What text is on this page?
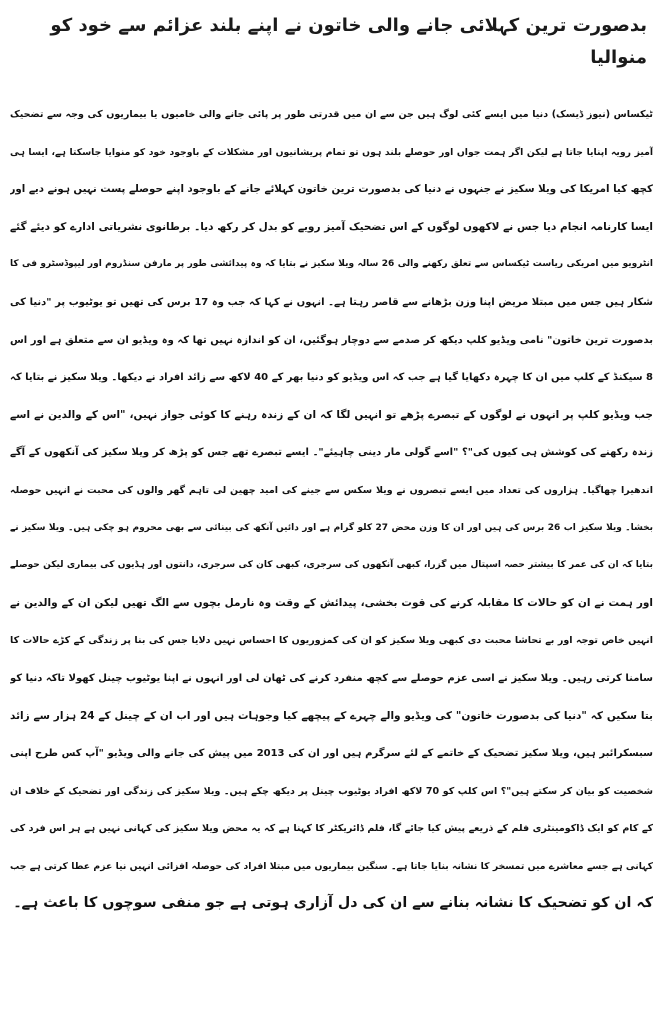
بدصورت ترین کہلائی جانے والی خاتون نے اپنے بلند عزائم سے خود کو منوالیا
ٹیکساس (نیوز ڈیسک) دنیا میں ایسے کئی لوگ ہیں جن سے ان میں قدرتی طور پر پائی جانے والی خامیوں یا بیماریوں کی وجہ سے تضحیک
آمیز رویہ اپنایا جاتا ہے لیکن اگر ہمت جواں اور حوصلے بلند ہوں تو تمام پریشانیوں اور مشکلات کے باوجود خود کو منوایا جاسکتا ہے، ایسا ہی
کچھ کیا امریکا کی ویلا سکیز نے جنہوں نے دنیا کی بدصورت ترین خاتون کہلائے جانے کے باوجود اپنے حوصلے پست نہیں ہونے دیے اور
ایسا کارنامہ انجام دیا جس نے لاکھوں لوگوں کے اس تضحیک آمیز رویے کو بدل کر رکھ دیا۔ برطانوی نشریاتی ادارے کو دیئے گئے
انٹرویو میں امریکی ریاست ٹیکساس سے تعلق رکھنے والی 26 سالہ ویلا سکیز نے بتایا کہ وہ پیدائشی طور پر مارفن سنڈروم اور لیپوڈسٹرو فی کا
شکار ہیں جس میں مبتلا مریض اپنا وزن بڑھانے سے قاصر رہتا ہے۔ انہوں نے کہا کہ جب وہ 17 برس کی تھیں تو یوٹیوب پر "دنیا کی
بدصورت ترین خاتون" نامی ویڈیو کلپ دیکھ کر صدمے سے دوچار ہوگئیں، ان کو اندازہ نہیں تھا کہ وہ ویڈیو ان سے متعلق ہے اور اس
8 سیکنڈ کے کلپ میں ان کا چہرہ دکھایا گیا ہے جب کہ اس ویڈیو کو دنیا بھر کے 40 لاکھ سے زائد افراد نے دیکھا۔ ویلا سکیز نے بتایا کہ
جب ویڈیو کلپ پر انہوں نے لوگوں کے تبصرے پڑھے تو انہیں لگا کہ ان کے زندہ رہنے کا کوئی جواز نہیں، "اس کے والدین نے اسے
زندہ رکھنے کی کوشش ہی کیوں کی"؟ "اسے گولی مار دینی چاہیئے"۔ ایسے تبصرے تھے جس کو پڑھ کر ویلا سکیز کی آنکھوں کے آگے
اندھیرا چھاگیا۔ ہزاروں کی تعداد میں ایسے تبصروں نے ویلا سکس سے جینے کی امید چھین لی تاہم گھر والوں کی محبت نے انہیں حوصلہ
بخشا۔ ویلا سکیز اب 26 برس کی ہیں اور ان کا وزن محض 27 کلو گرام ہے اور دائیں آنکھ کی بینائی سے بھی محروم ہو چکی ہیں۔ ویلا سکیز نے
بتایا کہ ان کی عمر کا بیشتر حصہ اسپتال میں گزرا، کبھی آنکھوں کی سرجری، کبھی کان کی سرجری، دانتوں اور ہڈیوں کی بیماری لیکن حوصلے
اور ہمت نے ان کو حالات کا مقابلہ کرنے کی قوت بخشی، پیدائش کے وقت وہ نارمل بچوں سے الگ تھیں لیکن ان کے والدین نے
انہیں خاص توجہ اور بے تحاشا محبت دی کبھی ویلا سکیز کو ان کی کمزوریوں کا احساس نہیں دلایا جس کی بنا پر زندگی کے کڑے حالات کا
سامنا کرتی رہیں۔ ویلا سکیز نے اسی عزم حوصلے سے کچھ منفرد کرنے کی ٹھان لی اور انہوں نے اپنا یوٹیوب چینل کھولا تاکہ دنیا کو
بتا سکیں کہ "دنیا کی بدصورت خاتون" کی ویڈیو والے چہرے کے پیچھے کیا وجوہات ہیں اور اب ان کے چینل کے 24 ہزار سے زائد
سبسکرائبر ہیں، ویلا سکیز تضحیک کے خاتمے کے لئے سرگرم ہیں اور ان کی 2013 میں پیش کی جانے والی ویڈیو "آپ کس طرح اپنی
شخصیت کو بیان کر سکتے ہیں"؟ اس کلپ کو 70 لاکھ افراد یوٹیوب چینل پر دیکھ چکے ہیں۔ ویلا سکیز کی زندگی اور تضحیک کے خلاف ان
کے کام کو ایک ڈاکومینٹری فلم کے ذریعے پیش کیا جائے گا، فلم ڈائریکٹر کا کہنا ہے کہ یہ محض ویلا سکیز کی کہانی نہیں ہے ہر اس فرد کی
کہانی ہے جسے معاشرے میں تمسخر کا نشانہ بنایا جاتا ہے۔ سنگین بیماریوں میں مبتلا افراد کی حوصلہ افزائی انہیں نیا عزم عطا کرتی ہے جب
کہ ان کو تضحیک کا نشانہ بنانے سے ان کی دل آزاری ہوتی ہے جو منفی سوچوں کا باعث ہے۔
